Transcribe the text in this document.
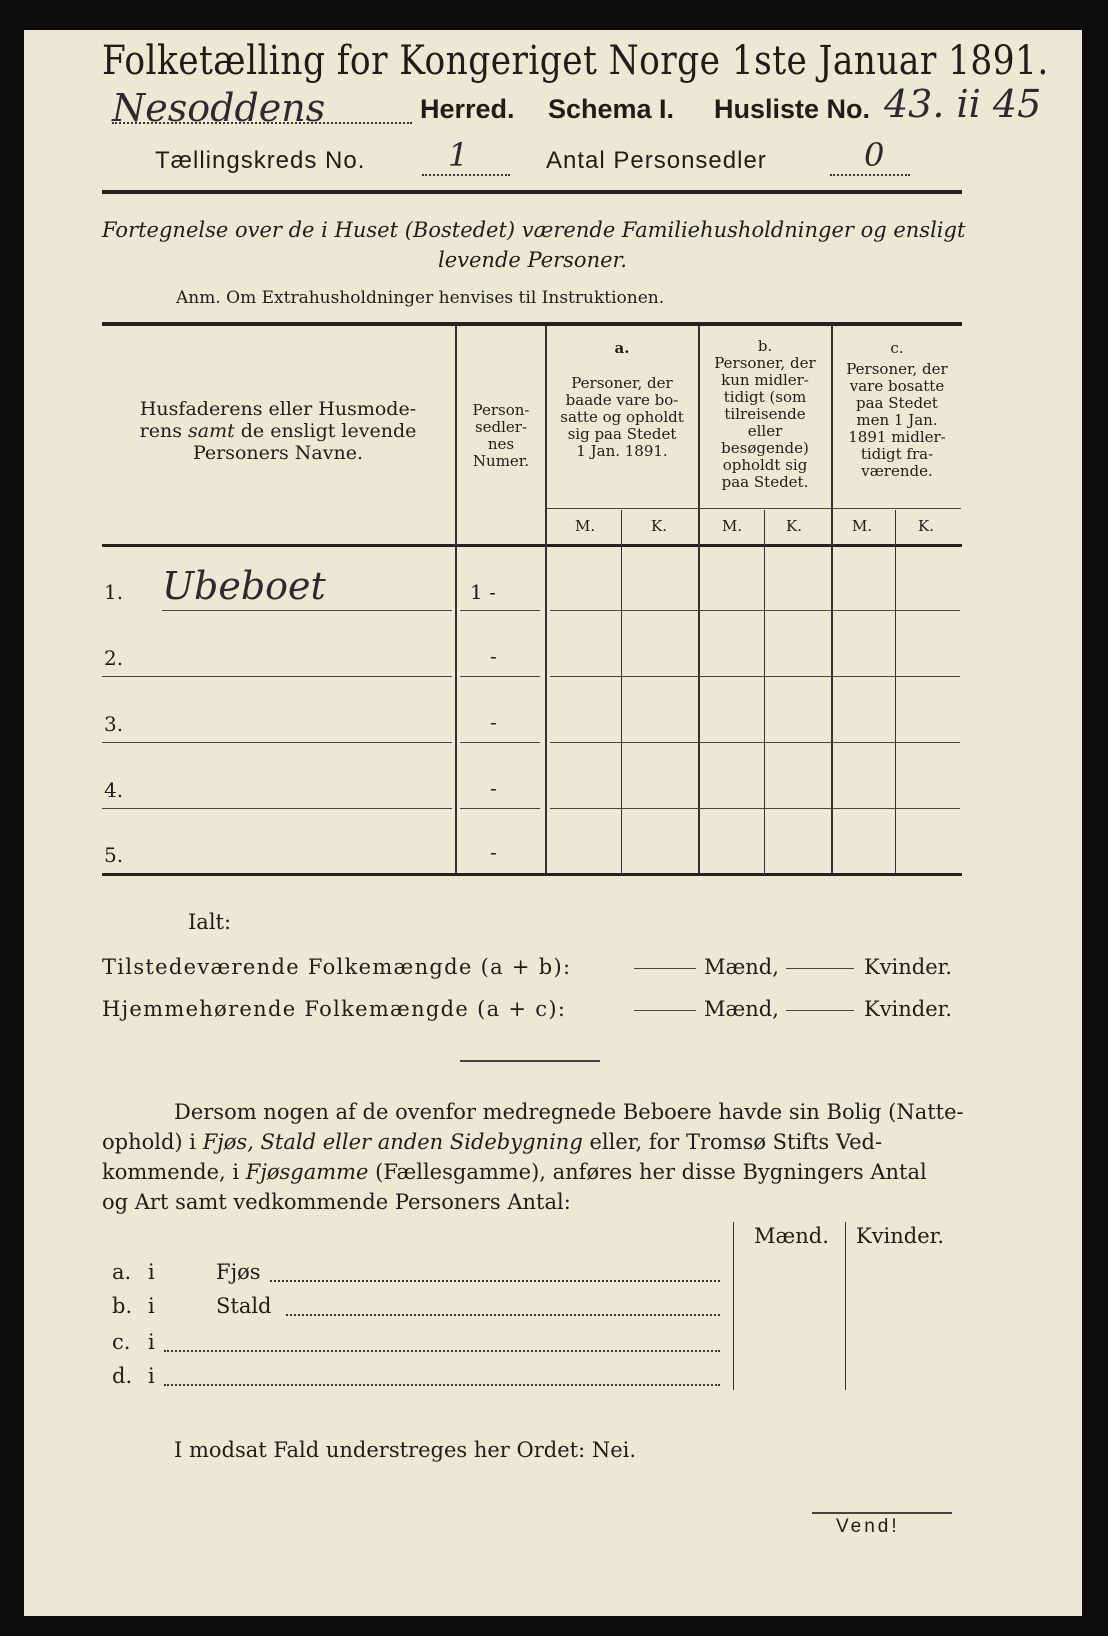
Folketælling for Kongeriget Norge 1ste Januar 1891.
Nesoddens	Herred. Schema I. Husliste No. 43. ii 45
Tællingskreds No.	1	Antal Personsedler	0
Fortegnelse over de i Huset (Bostedet) værende Familiehusholdninger og ensligt
levende Personer.
Anm. Om Extrahusholdninger henvises til Instruktionen.
Husfaderens eller Husmode-
rens samt de ensligt levende
Personers Navne.
Person-
sedler-
nes
Numer.
a.
Personer, der
baade vare bo-
satte og opholdt
sig paa Stedet
1 Jan. 1891.
b.
Personer, der
kun midler-
tidigt (som
tilreisende
eller
besøgende)
opholdt sig
paa Stedet.
c.
Personer, der
vare bosatte
paa Stedet
men 1 Jan.
1891 midler-
tidigt fra-
værende.
M.	K.	M.	K.	M.	K.
1. Ubeboet	1 -
2.	-
3.	-
4.	-
5.	-
Ialt:
Tilstedeværende Folkemængde (a + b):	Mænd,	Kvinder.
Hjemmehørende Folkemængde (a + c):	Mænd,	Kvinder.
Dersom nogen af de ovenfor medregnede Beboere havde sin Bolig (Natte-
ophold) i Fjøs, Stald eller anden Sidebygning eller, for Tromsø Stifts Ved-
kommende, i Fjøsgamme (Fællesgamme), anføres her disse Bygningers Antal
og Art samt vedkommende Personers Antal:
Mænd. Kvinder.
a. i	Fjøs
b. i	Stald
c. i
d. i
I modsat Fald understreges her Ordet: Nei.
Vend!
